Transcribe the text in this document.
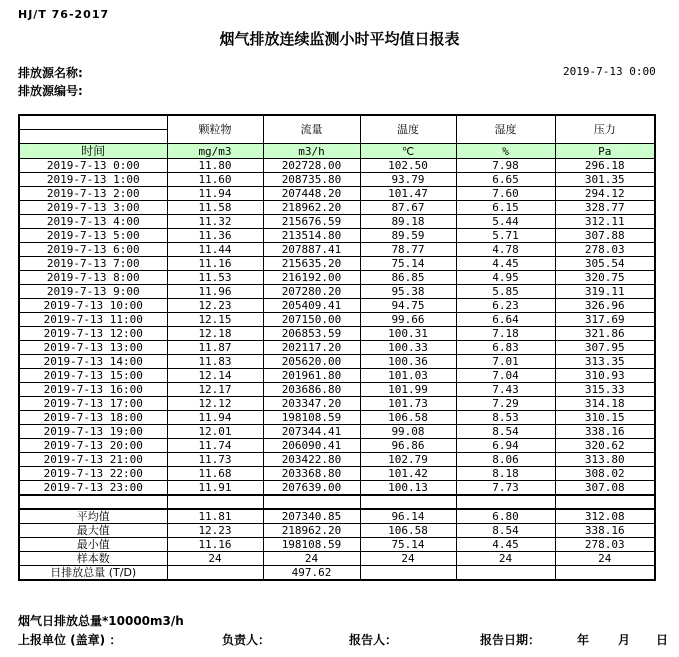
HJ/T 76-2017
烟气排放连续监测小时平均值日报表
排放源名称:
排放源编号:
2019-7-13 0:00
	颗粒物	流量	温度	湿度	压力

时间	mg/m3	m3/h	℃	%	Pa
2019-7-13 0:00	11.80	202728.00	102.50	7.98	296.18
2019-7-13 1:00	11.60	208735.80	93.79	6.65	301.35
2019-7-13 2:00	11.94	207448.20	101.47	7.60	294.12
2019-7-13 3:00	11.58	218962.20	87.67	6.15	328.77
2019-7-13 4:00	11.32	215676.59	89.18	5.44	312.11
2019-7-13 5:00	11.36	213514.80	89.59	5.71	307.88
2019-7-13 6:00	11.44	207887.41	78.77	4.78	278.03
2019-7-13 7:00	11.16	215635.20	75.14	4.45	305.54
2019-7-13 8:00	11.53	216192.00	86.85	4.95	320.75
2019-7-13 9:00	11.96	207280.20	95.38	5.85	319.11
2019-7-13 10:00	12.23	205409.41	94.75	6.23	326.96
2019-7-13 11:00	12.15	207150.00	99.66	6.64	317.69
2019-7-13 12:00	12.18	206853.59	100.31	7.18	321.86
2019-7-13 13:00	11.87	202117.20	100.33	6.83	307.95
2019-7-13 14:00	11.83	205620.00	100.36	7.01	313.35
2019-7-13 15:00	12.14	201961.80	101.03	7.04	310.93
2019-7-13 16:00	12.17	203686.80	101.99	7.43	315.33
2019-7-13 17:00	12.12	203347.20	101.73	7.29	314.18
2019-7-13 18:00	11.94	198108.59	106.58	8.53	310.15
2019-7-13 19:00	12.01	207344.41	99.08	8.54	338.16
2019-7-13 20:00	11.74	206090.41	96.86	6.94	320.62
2019-7-13 21:00	11.73	203422.80	102.79	8.06	313.80
2019-7-13 22:00	11.68	203368.80	101.42	8.18	308.02
2019-7-13 23:00	11.91	207639.00	100.13	7.73	307.08

平均值	11.81	207340.85	96.14	6.80	312.08
最大值	12.23	218962.20	106.58	8.54	338.16
最小值	11.16	198108.59	75.14	4.45	278.03
样本数	24	24	24	24	24
日排放总量 (T/D)		497.62			
烟气日排放总量*10000m3/h
上报单位 (盖章) ：	负责人：	报告人：	报告日期：	年 月 日
